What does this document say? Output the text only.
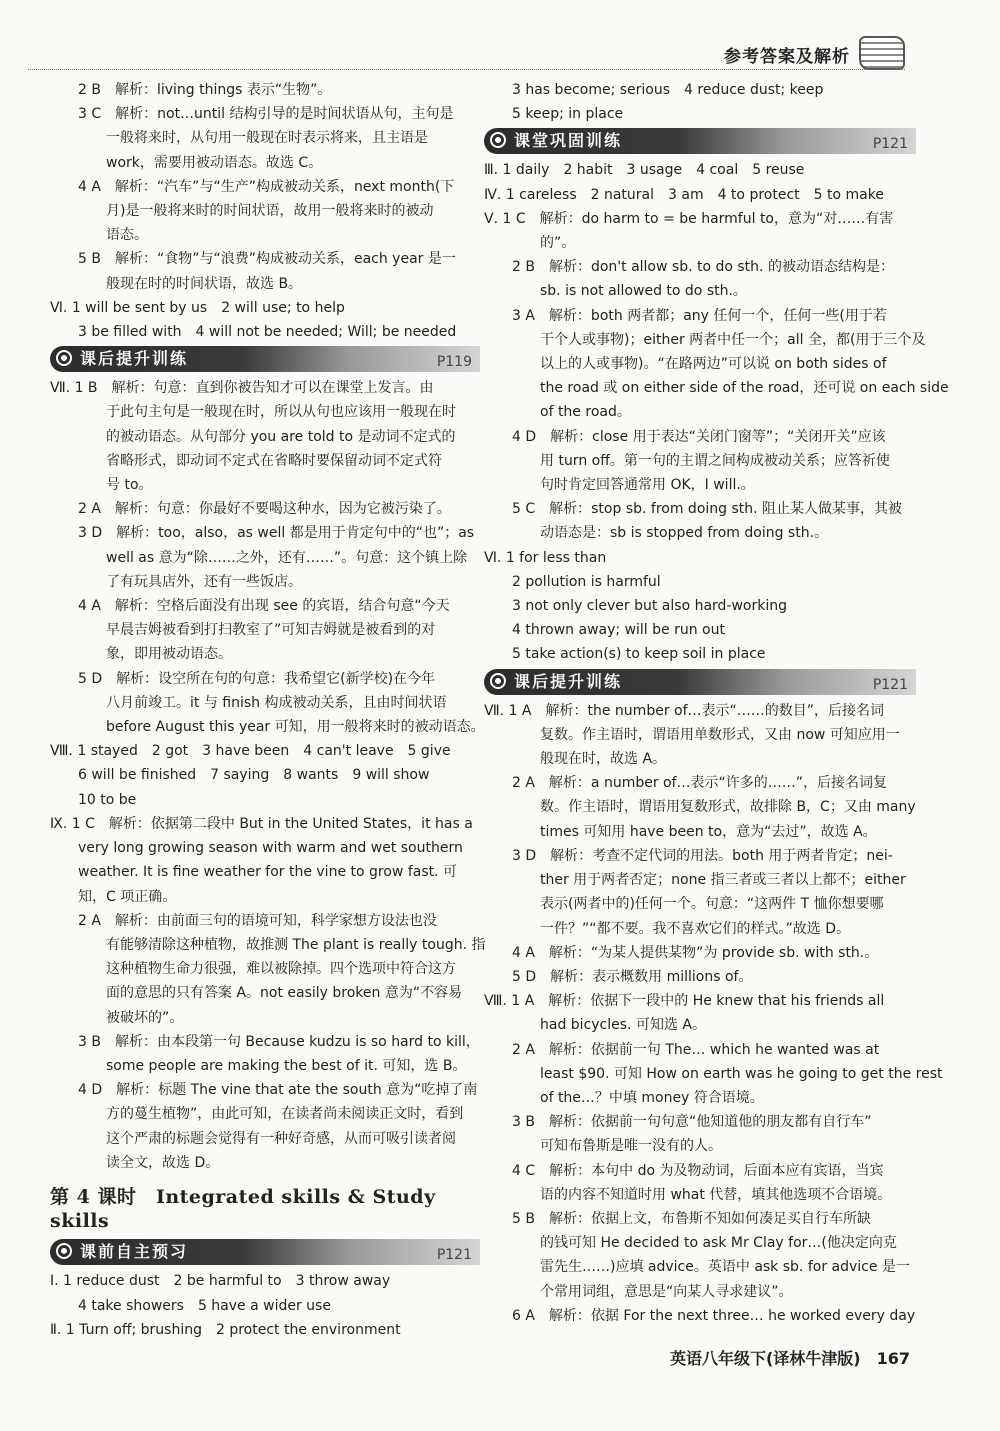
参考答案及解析
2 B　解析：living things 表示“生物”。
3 C　解析：not…until 结构引导的是时间状语从句，主句是
一般将来时，从句用一般现在时表示将来，且主语是
work，需要用被动语态。故选 C。
4 A　解析：“汽车”与“生产”构成被动关系，next month(下
月)是一般将来时的时间状语，故用一般将来时的被动
语态。
5 B　解析：“食物”与“浪费”构成被动关系，each year 是一
般现在时的时间状语，故选 B。
Ⅵ. 1 will be sent by us　2 will use; to help
3 be filled with　4 will not be needed; Will; be needed
课后提升训练	P119
Ⅶ. 1 B　解析：句意：直到你被告知才可以在课堂上发言。由
于此句主句是一般现在时，所以从句也应该用一般现在时
的被动语态。从句部分 you are told to 是动词不定式的
省略形式，即动词不定式在省略时要保留动词不定式符
号 to。
2 A　解析：句意：你最好不要喝这种水，因为它被污染了。
3 D　解析：too，also，as well 都是用于肯定句中的“也”；as
well as 意为“除……之外，还有……”。句意：这个镇上除
了有玩具店外，还有一些饭店。
4 A　解析：空格后面没有出现 see 的宾语，结合句意“今天
早晨吉姆被看到打扫教室了”可知吉姆就是被看到的对
象，即用被动语态。
5 D　解析：设空所在句的句意：我希望它(新学校)在今年
八月前竣工。it 与 finish 构成被动关系，且由时间状语
before August this year 可知，用一般将来时的被动语态。
Ⅷ. 1 stayed　2 got　3 have been　4 can't leave　5 give
6 will be finished　7 saying　8 wants　9 will show
10 to be
Ⅸ. 1 C　解析：依据第二段中 But in the United States，it has a
very long growing season with warm and wet southern
weather. It is fine weather for the vine to grow fast. 可
知，C 项正确。
2 A　解析：由前面三句的语境可知，科学家想方设法也没
有能够清除这种植物，故推测 The plant is really tough. 指
这种植物生命力很强，难以被除掉。四个选项中符合这方
面的意思的只有答案 A。not easily broken 意为“不容易
被破坏的”。
3 B　解析：由本段第一句 Because kudzu is so hard to kill，
some people are making the best of it. 可知，选 B。
4 D　解析：标题 The vine that ate the south 意为“吃掉了南
方的蔓生植物”，由此可知，在读者尚未阅读正文时，看到
这个严肃的标题会觉得有一种好奇感，从而可吸引读者阅
读全文，故选 D。
第 4 课时　Integrated skills & Study skills
课前自主预习	P121
Ⅰ. 1 reduce dust　2 be harmful to　3 throw away
4 take showers　5 have a wider use
Ⅱ. 1 Turn off; brushing　2 protect the environment
3 has become; serious　4 reduce dust; keep
5 keep; in place
课堂巩固训练	P121
Ⅲ. 1 daily　2 habit　3 usage　4 coal　5 reuse
Ⅳ. 1 careless　2 natural　3 am　4 to protect　5 to make
Ⅴ. 1 C　解析：do harm to = be harmful to，意为“对……有害
的”。
2 B　解析：don't allow sb. to do sth. 的被动语态结构是：
sb. is not allowed to do sth.。
3 A　解析：both 两者都；any 任何一个，任何一些(用于若
干个人或事物)；either 两者中任一个；all 全，都(用于三个及
以上的人或事物)。“在路两边”可以说 on both sides of
the road 或 on either side of the road，还可说 on each side
of the road。
4 D　解析：close 用于表达“关闭门窗等”；“关闭开关”应该
用 turn off。第一句的主谓之间构成被动关系；应答祈使
句时肯定回答通常用 OK，I will.。
5 C　解析：stop sb. from doing sth. 阻止某人做某事，其被
动语态是：sb is stopped from doing sth.。
Ⅵ. 1 for less than
2 pollution is harmful
3 not only clever but also hard-working
4 thrown away; will be run out
5 take action(s) to keep soil in place
课后提升训练	P121
Ⅶ. 1 A　解析：the number of…表示“……的数目”，后接名词
复数。作主语时，谓语用单数形式，又由 now 可知应用一
般现在时，故选 A。
2 A　解析：a number of…表示“许多的……”，后接名词复
数。作主语时，谓语用复数形式，故排除 B，C；又由 many
times 可知用 have been to，意为“去过”，故选 A。
3 D　解析：考查不定代词的用法。both 用于两者肯定；nei-
ther 用于两者否定；none 指三者或三者以上都不；either
表示(两者中的)任何一个。句意：“这两件 T 恤你想要哪
一件？”“都不要。我不喜欢它们的样式。”故选 D。
4 A　解析：“为某人提供某物”为 provide sb. with sth.。
5 D　解析：表示概数用 millions of。
Ⅷ. 1 A　解析：依据下一段中的 He knew that his friends all
had bicycles. 可知选 A。
2 A　解析：依据前一句 The… which he wanted was at
least $90. 可知 How on earth was he going to get the rest
of the…？中填 money 符合语境。
3 B　解析：依据前一句句意“他知道他的朋友都有自行车”
可知布鲁斯是唯一没有的人。
4 C　解析：本句中 do 为及物动词，后面本应有宾语，当宾
语的内容不知道时用 what 代替，填其他选项不合语境。
5 B　解析：依据上文，布鲁斯不知如何凑足买自行车所缺
的钱可知 He decided to ask Mr Clay for…(他决定向克
雷先生……)应填 advice。英语中 ask sb. for advice 是一
个常用词组，意思是“向某人寻求建议”。
6 A　解析：依据 For the next three… he worked every day
英语八年级下(译林牛津版)　167
